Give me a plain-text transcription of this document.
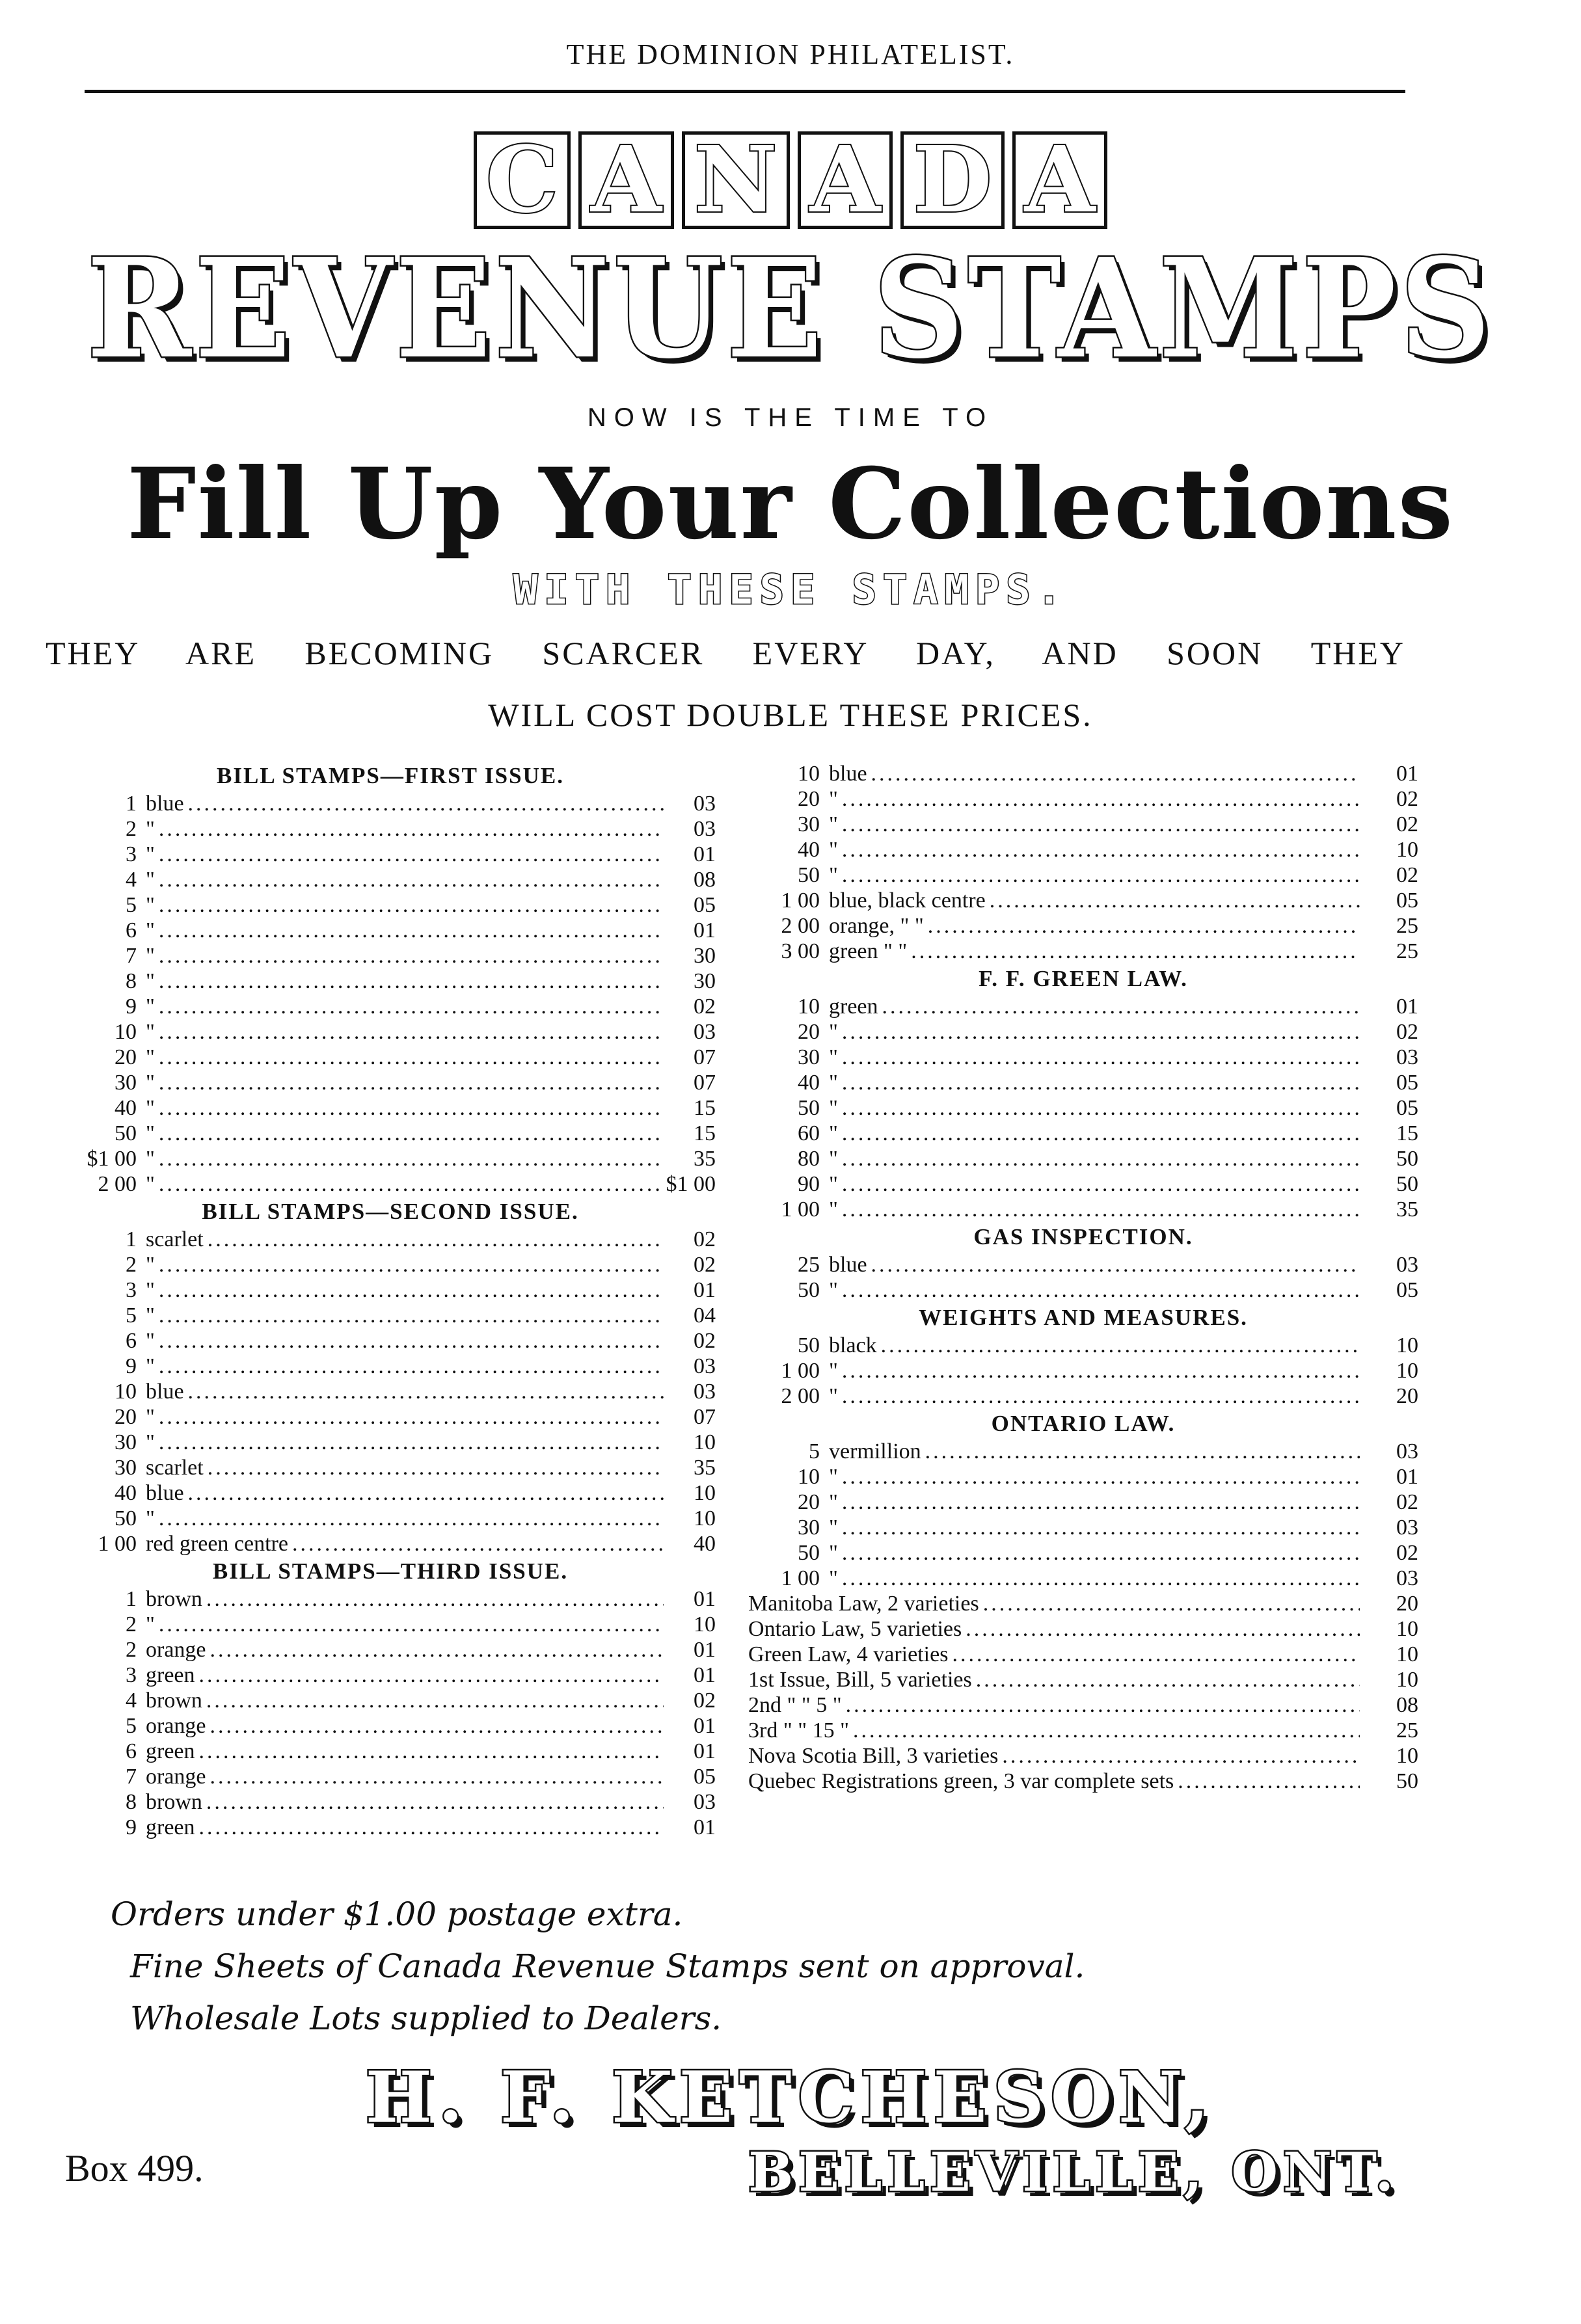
THE DOMINION PHILATELIST.
C A N A D A
REVENUE STAMPS
NOW IS THE TIME TO
Fill Up Your Collections
WITH THESE STAMPS.
THEY ARE BECOMING SCARCER EVERY DAY, AND SOON THEY
WILL COST DOUBLE THESE PRICES.
BILL STAMPS—FIRST ISSUE.
1 blue .....	03
2 " .....	03
3 " .....	01
4 " .....	08
5 " .....	05
6 " .....	01
7 " .....	30
8 " .....	30
9 " .....	02
10 " .....	03
20 " .....	07
30 " .....	07
40 " .....	15
50 " .....	15
$1 00 " .....	35
2 00 " .....	$1 00
BILL STAMPS—SECOND ISSUE.
1 scarlet .....	02
2 " .....	02
3 " .....	01
5 " .....	04
6 " .....	02
9 " .....	03
10 blue .....	03
20 " .....	07
30 " .....	10
30 scarlet .....	35
40 blue .....	10
50 " .....	10
1 00 red green centre .....	40
BILL STAMPS—THIRD ISSUE.
1 brown .....	01
2 " .....	10
2 orange .....	01
3 green .....	01
4 brown .....	02
5 orange .....	01
6 green .....	01
7 orange .....	05
8 brown .....	03
9 green .....	01
10 blue .....	01
20 " .....	02
30 " .....	02
40 " .....	10
50 " .....	02
1 00 blue, black centre .....	05
2 00 orange, " " .....	25
3 00 green " " .....	25
F. F. GREEN LAW.
10 green .....	01
20 " .....	02
30 " .....	03
40 " .....	05
50 " .....	05
60 " .....	15
80 " .....	50
90 " .....	50
1 00 " .....	35
GAS INSPECTION.
25 blue .....	03
50 " .....	05
WEIGHTS AND MEASURES.
50 black .....	10
1 00 " .....	10
2 00 " .....	20
ONTARIO LAW.
5 vermillion .....	03
10 " .....	01
20 " .....	02
30 " .....	03
50 " .....	02
1 00 " .....	03
Manitoba Law, 2 varieties .....	20
Ontario Law, 5 varieties .....	10
Green Law, 4 varieties .....	10
1st Issue, Bill, 5 varieties .....	10
2nd " " 5 " .....	08
3rd " " 15 " .....	25
Nova Scotia Bill, 3 varieties .....	10
Quebec Registrations green, 3 var complete sets .....	50
Orders under $1.00 postage extra.
Fine Sheets of Canada Revenue Stamps sent on approval.
Wholesale Lots supplied to Dealers.
H. F. KETCHESON,
Box 499.	BELLEVILLE, ONT.
